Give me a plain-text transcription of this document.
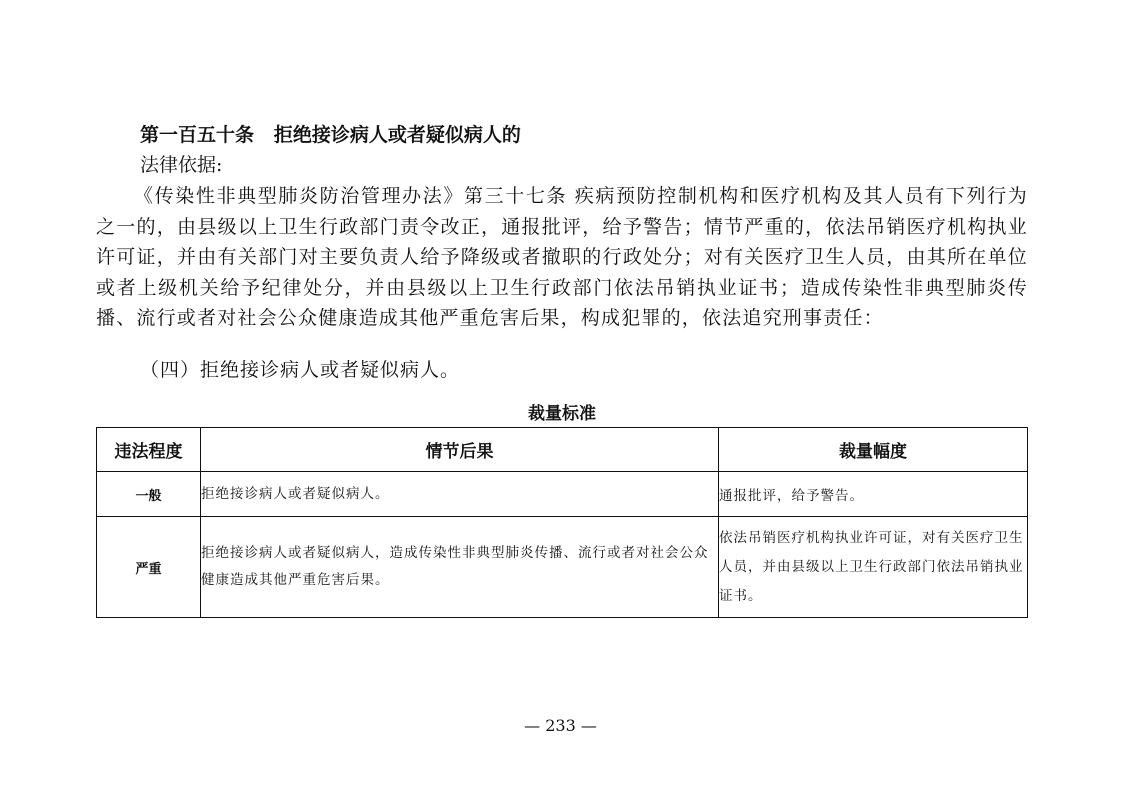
第一百五十条   拒绝接诊病人或者疑似病人的

法律依据:

《传染性非典型肺炎防治管理办法》第三十七条 疾病预防控制机构和医疗机构及其人员有下列行为之一的，由县级以上卫生行政部门责令改正，通报批评，给予警告；情节严重的，依法吊销医疗机构执业许可证，并由有关部门对主要负责人给予降级或者撤职的行政处分；对有关医疗卫生人员，由其所在单位或者上级机关给予纪律处分，并由县级以上卫生行政部门依法吊销执业证书；造成传染性非典型肺炎传播、流行或者对社会公众健康造成其他严重危害后果，构成犯罪的，依法追究刑事责任：

（四）拒绝接诊病人或者疑似病人。

裁量标准

违法程度	情节后果	裁量幅度
一般	拒绝接诊病人或者疑似病人。	通报批评，给予警告。
严重	拒绝接诊病人或者疑似病人，造成传染性非典型肺炎传播、流行或者对社会公众健康造成其他严重危害后果。	依法吊销医疗机构执业许可证，对有关医疗卫生人员，并由县级以上卫生行政部门依法吊销执业证书。

— 233 —
